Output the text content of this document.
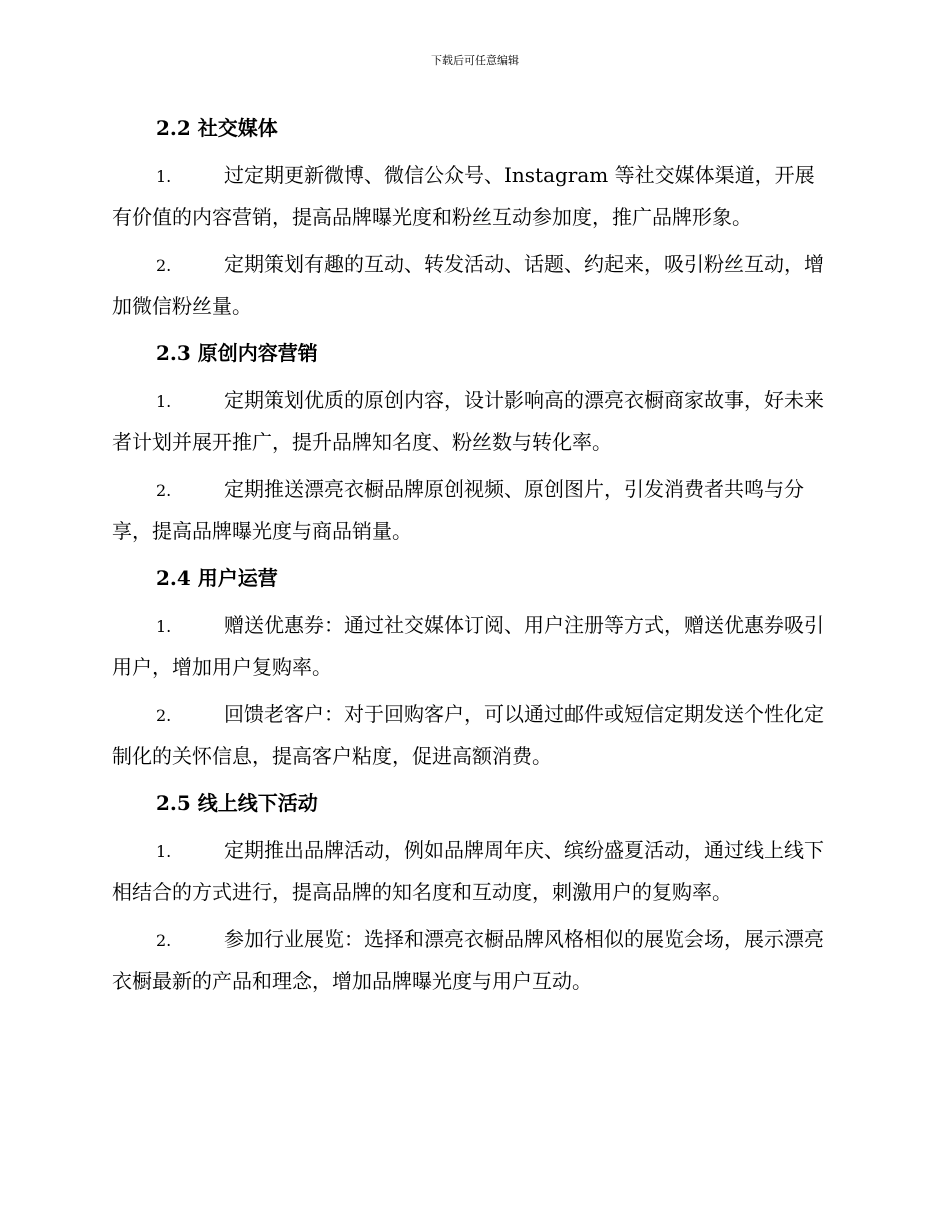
下载后可任意编辑
2.2 社交媒体

1.	过定期更新微博、微信公众号、Instagram 等社交媒体渠道，开展有价值的内容营销，提高品牌曝光度和粉丝互动参加度，推广品牌形象。

2.	定期策划有趣的互动、转发活动、话题、约起来，吸引粉丝互动，增加微信粉丝量。

2.3 原创内容营销

1.	定期策划优质的原创内容，设计影响高的漂亮衣橱商家故事，好未来者计划并展开推广，提升品牌知名度、粉丝数与转化率。

2.	定期推送漂亮衣橱品牌原创视频、原创图片，引发消费者共鸣与分享，提高品牌曝光度与商品销量。

2.4 用户运营

1.	赠送优惠券：通过社交媒体订阅、用户注册等方式，赠送优惠券吸引用户，增加用户复购率。

2.	回馈老客户：对于回购客户，可以通过邮件或短信定期发送个性化定制化的关怀信息，提高客户粘度，促进高额消费。

2.5 线上线下活动

1.	定期推出品牌活动，例如品牌周年庆、缤纷盛夏活动，通过线上线下相结合的方式进行，提高品牌的知名度和互动度，刺激用户的复购率。

2.	参加行业展览：选择和漂亮衣橱品牌风格相似的展览会场，展示漂亮衣橱最新的产品和理念，增加品牌曝光度与用户互动。
